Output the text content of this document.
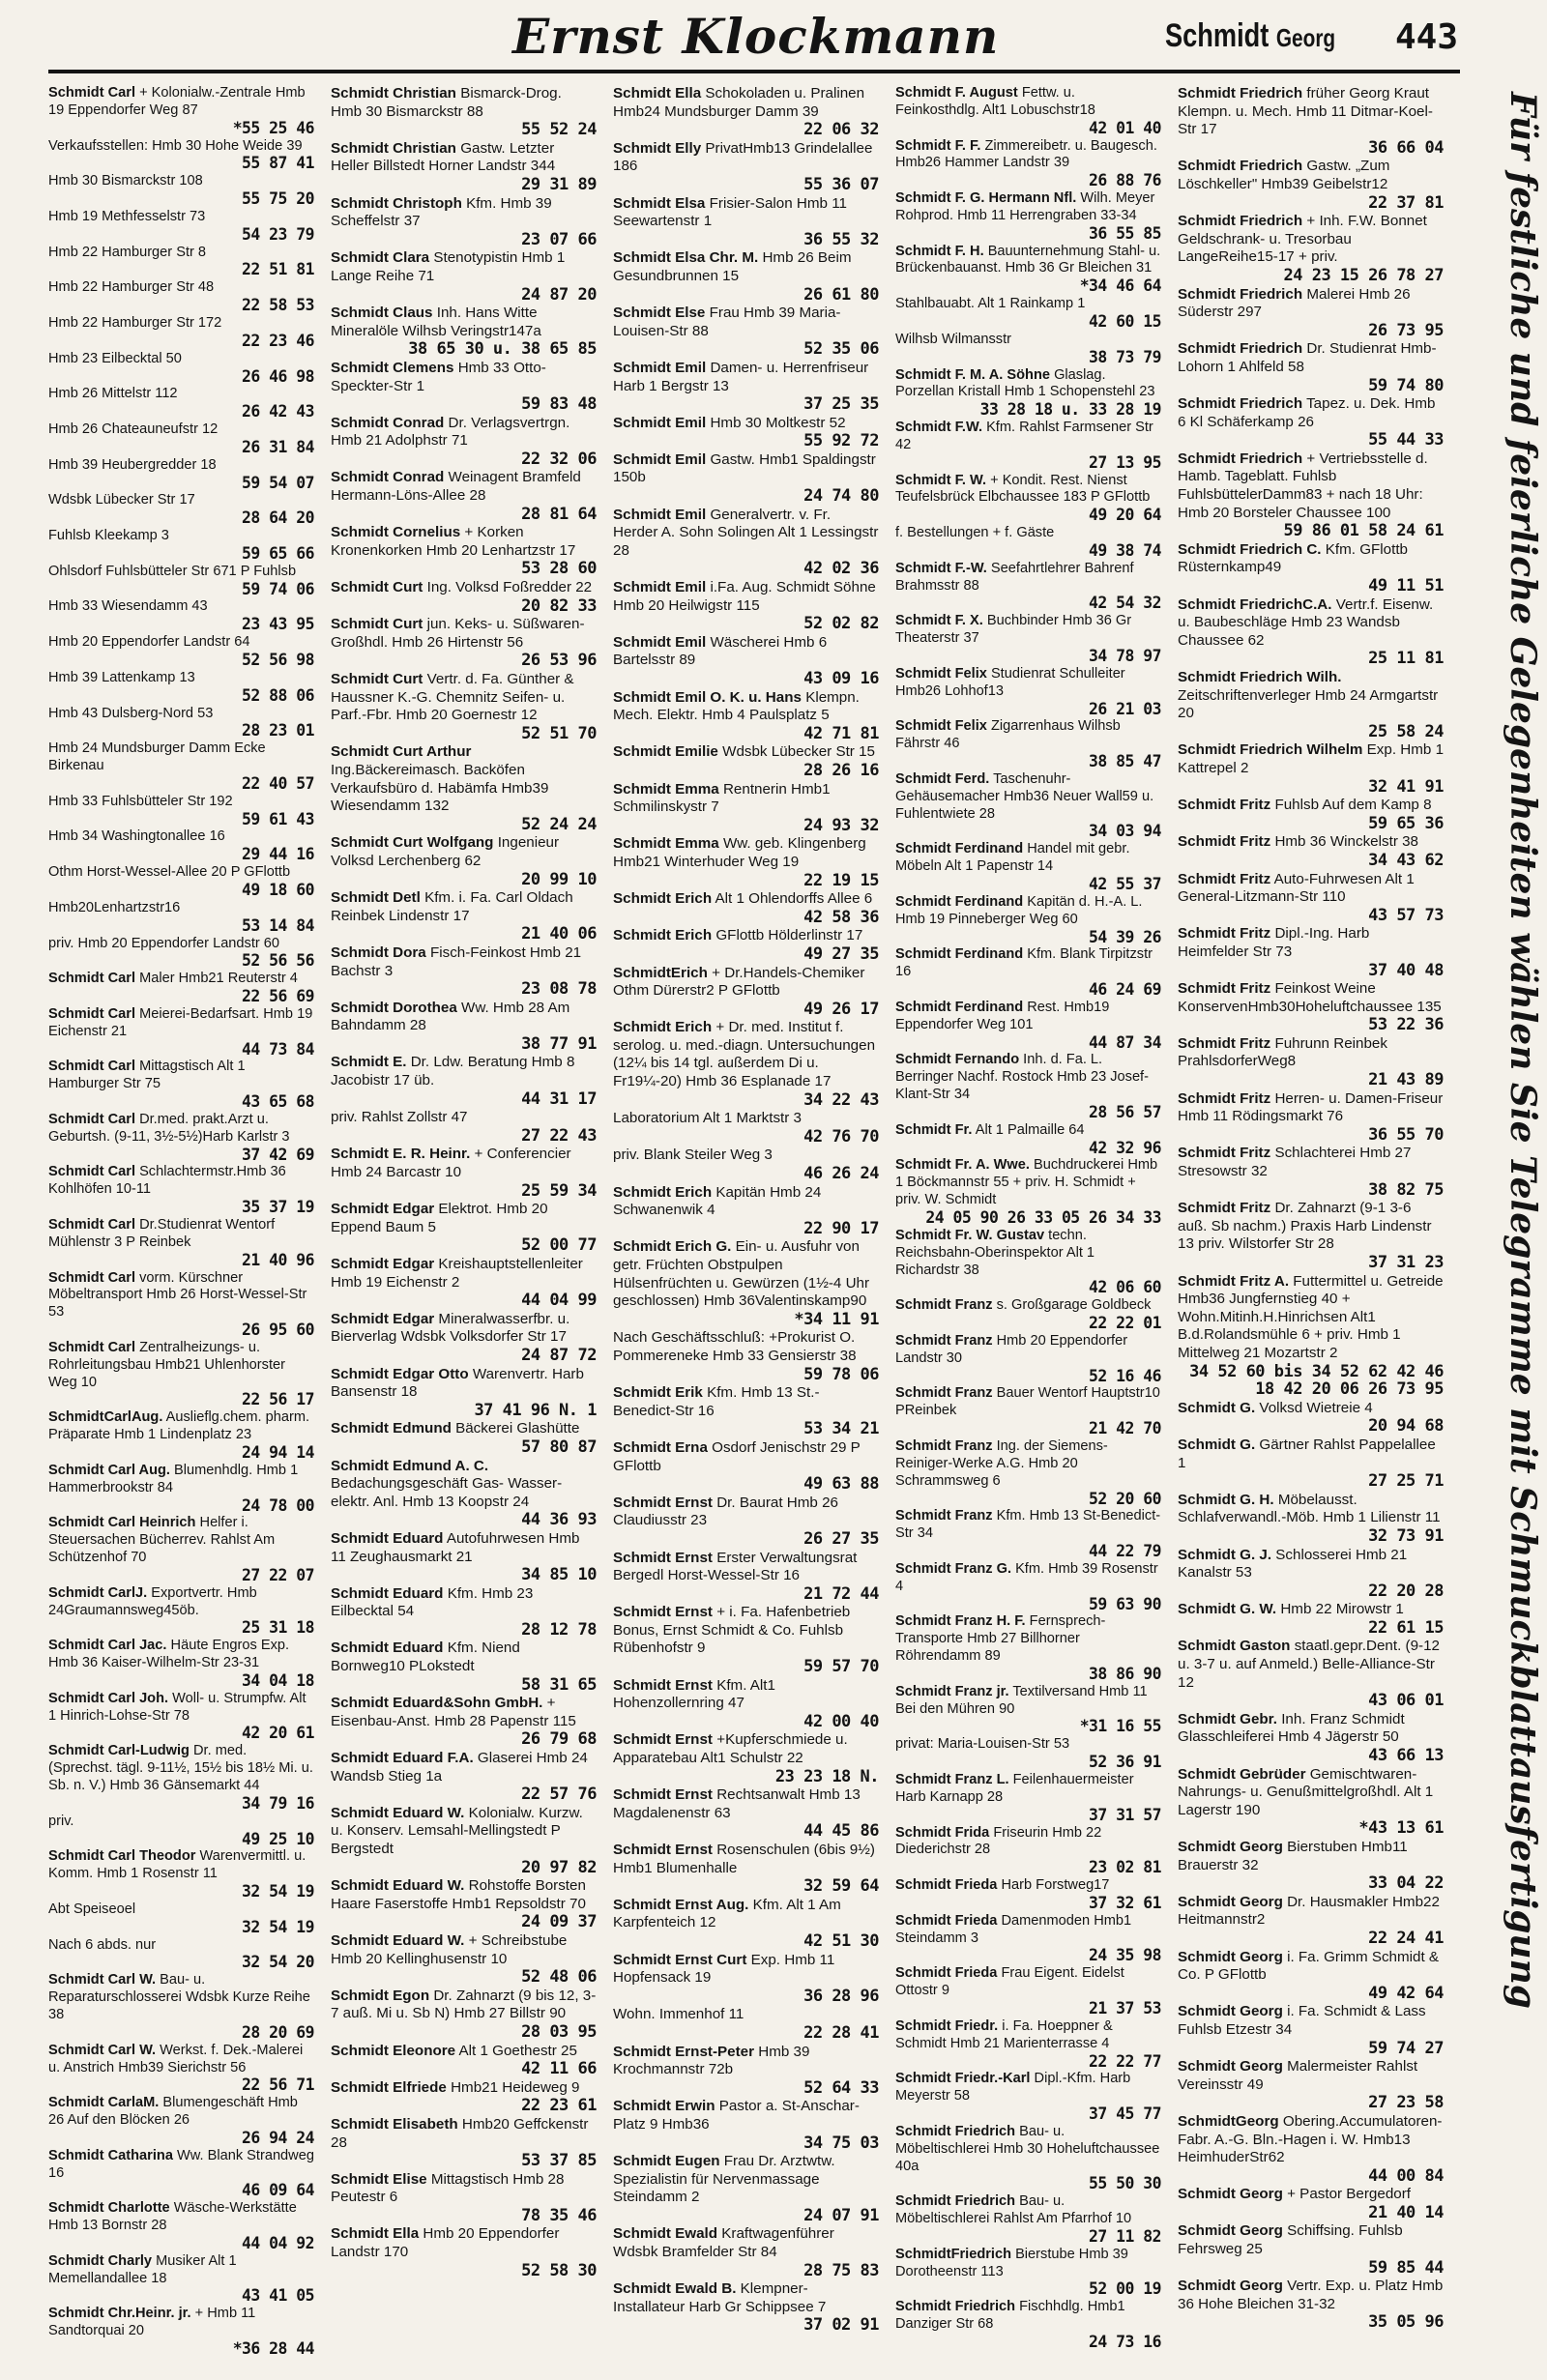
Ernst Klockmann	Schmidt Georg 443
Schmidt Carl + Kolonialw.-Zentrale Hmb 19 Eppendorfer Weg 87
*55 25 46
Verkaufsstellen: Hmb 30 Hohe Weide 39
55 87 41
Hmb 30 Bismarckstr 108
55 75 20
Hmb 19 Methfesselstr 73
54 23 79
Hmb 22 Hamburger Str 8
22 51 81
Hmb 22 Hamburger Str 48
22 58 53
Hmb 22 Hamburger Str 172
22 23 46
Hmb 23 Eilbecktal 50
26 46 98
Hmb 26 Mittelstr 112
26 42 43
Hmb 26 Chateauneufstr 12
26 31 84
Hmb 39 Heubergredder 18
59 54 07
Wdsbk Lübecker Str 17
28 64 20
Fuhlsb Kleekamp 3
59 65 66
Ohlsdorf Fuhlsbütteler Str 671 P Fuhlsb
59 74 06
Hmb 33 Wiesendamm 43
23 43 95
Hmb 20 Eppendorfer Landstr 64
52 56 98
Hmb 39 Lattenkamp 13
52 88 06
Hmb 43 Dulsberg-Nord 53
28 23 01
Hmb 24 Mundsburger Damm Ecke Birkenau
22 40 57
Hmb 33 Fuhlsbütteler Str 192
59 61 43
Hmb 34 Washingtonallee 16
29 44 16
Othm Horst-Wessel-Allee 20 P GFlottb
49 18 60
Hmb20Lenhartzstr16
53 14 84
priv. Hmb 20 Eppendorfer Landstr 60
52 56 56
Schmidt Carl Maler Hmb21 Reuterstr 4
22 56 69
Schmidt Carl Meierei-Bedarfsart. Hmb 19 Eichenstr 21
44 73 84
Schmidt Carl Mittagstisch Alt 1 Hamburger Str 75
43 65 68
Schmidt Carl Dr.med. prakt.Arzt u. Geburtsh. (9-11, 3½-5½)Harb Karlstr 3
37 42 69
Schmidt Carl Schlachtermstr.Hmb 36 Kohlhöfen 10-11
35 37 19
Schmidt Carl Dr.Studienrat Wentorf Mühlenstr 3 P Reinbek
21 40 96
Schmidt Carl vorm. Kürschner Möbeltransport Hmb 26 Horst-Wessel-Str 53
26 95 60
Schmidt Carl Zentralheizungs- u. Rohrleitungsbau Hmb21 Uhlenhorster Weg 10
22 56 17
SchmidtCarlAug. Auslieflg.chem. pharm. Präparate Hmb 1 Lindenplatz 23
24 94 14
Schmidt Carl Aug. Blumenhdlg. Hmb 1 Hammerbrookstr 84
24 78 00
Schmidt Carl Heinrich Helfer i. Steuersachen Bücherrev. Rahlst Am Schützenhof 70
27 22 07
Schmidt CarlJ. Exportvertr. Hmb 24Graumannsweg45öb.
25 31 18
Schmidt Carl Jac. Häute Engros Exp. Hmb 36 Kaiser-Wilhelm-Str 23-31
34 04 18
Schmidt Carl Joh. Woll- u. Strumpfw. Alt 1 Hinrich-Lohse-Str 78
42 20 61
Schmidt Carl-Ludwig Dr. med. (Sprechst. tägl. 9-11½, 15½ bis 18½ Mi. u. Sb. n. V.) Hmb 36 Gänsemarkt 44
34 79 16
priv.
49 25 10
Schmidt Carl Theodor Warenvermittl. u. Komm. Hmb 1 Rosenstr 11
32 54 19
Abt Speiseoel
32 54 19
Nach 6 abds. nur
32 54 20
Schmidt Carl W. Bau- u. Reparaturschlosserei Wdsbk Kurze Reihe 38
28 20 69
Schmidt Carl W. Werkst. f. Dek.-Malerei u. Anstrich Hmb39 Sierichstr 56
22 56 71
Schmidt CarlaM. Blumengeschäft Hmb 26 Auf den Blöcken 26
26 94 24
Schmidt Catharina Ww. Blank Strandweg 16
46 09 64
Schmidt Charlotte Wäsche-Werkstätte Hmb 13 Bornstr 28
44 04 92
Schmidt Charly Musiker Alt 1 Memellandallee 18
43 41 05
Schmidt Chr.Heinr. jr. + Hmb 11 Sandtorquai 20
*36 28 44
Schmidt Christian Bismarck-Drog. Hmb 30 Bismarckstr 88
55 52 24
Schmidt Christian Gastw. Letzter Heller Billstedt Horner Landstr 344
29 31 89
Schmidt Christoph Kfm. Hmb 39 Scheffelstr 37
23 07 66
Schmidt Clara Stenotypistin Hmb 1 Lange Reihe 71
24 87 20
Schmidt Claus Inh. Hans Witte Mineralöle Wilhsb Veringstr147a
38 65 30 u. 38 65 85
Schmidt Clemens Hmb 33 Otto-Speckter-Str 1
59 83 48
Schmidt Conrad Dr. Verlagsvertrgn. Hmb 21 Adolphstr 71
22 32 06
Schmidt Conrad Weinagent Bramfeld Hermann-Löns-Allee 28
28 81 64
Schmidt Cornelius + Korken Kronenkorken Hmb 20 Lenhartzstr 17
53 28 60
Schmidt Curt Ing. Volksd Foßredder 22
20 82 33
Schmidt Curt jun. Keks- u. Süßwaren-Großhdl. Hmb 26 Hirtenstr 56
26 53 96
Schmidt Curt Vertr. d. Fa. Günther & Haussner K.-G. Chemnitz Seifen- u. Parf.-Fbr. Hmb 20 Goernestr 12
52 51 70
Schmidt Curt Arthur Ing.Bäckereimasch. Backöfen Verkaufsbüro d. Habämfa Hmb39 Wiesendamm 132
52 24 24
Schmidt Curt Wolfgang Ingenieur Volksd Lerchenberg 62
20 99 10
Schmidt Detl Kfm. i. Fa. Carl Oldach Reinbek Lindenstr 17
21 40 06
Schmidt Dora Fisch-Feinkost Hmb 21 Bachstr 3
23 08 78
Schmidt Dorothea Ww. Hmb 28 Am Bahndamm 28
38 77 91
Schmidt E. Dr. Ldw. Beratung Hmb 8 Jacobistr 17 üb.
44 31 17
priv. Rahlst Zollstr 47
27 22 43
Schmidt E. R. Heinr. + Conferencier Hmb 24 Barcastr 10
25 59 34
Schmidt Edgar Elektrot. Hmb 20 Eppend Baum 5
52 00 77
Schmidt Edgar Kreishauptstellenleiter Hmb 19 Eichenstr 2
44 04 99
Schmidt Edgar Mineralwasserfbr. u. Bierverlag Wdsbk Volksdorfer Str 17
24 87 72
Schmidt Edgar Otto Warenvertr. Harb Bansenstr 18
37 41 96 N. 1
Schmidt Edmund Bäckerei Glashütte
57 80 87
Schmidt Edmund A. C. Bedachungsgeschäft Gas- Wasser- elektr. Anl. Hmb 13 Koopstr 24
44 36 93
Schmidt Eduard Autofuhrwesen Hmb 11 Zeughausmarkt 21
34 85 10
Schmidt Eduard Kfm. Hmb 23 Eilbecktal 54
28 12 78
Schmidt Eduard Kfm. Niend Bornweg10 PLokstedt
58 31 65
Schmidt Eduard&Sohn GmbH. + Eisenbau-Anst. Hmb 28 Papenstr 115
26 79 68
Schmidt Eduard F.A. Glaserei Hmb 24 Wandsb Stieg 1a
22 57 76
Schmidt Eduard W. Kolonialw. Kurzw. u. Konserv. Lemsahl-Mellingstedt P Bergstedt
20 97 82
Schmidt Eduard W. Rohstoffe Borsten Haare Faserstoffe Hmb1 Repsoldstr 70
24 09 37
Schmidt Eduard W. + Schreibstube Hmb 20 Kellinghusenstr 10
52 48 06
Schmidt Egon Dr. Zahnarzt (9 bis 12, 3-7 auß. Mi u. Sb N) Hmb 27 Billstr 90
28 03 95
Schmidt Eleonore Alt 1 Goethestr 25
42 11 66
Schmidt Elfriede Hmb21 Heideweg 9
22 23 61
Schmidt Elisabeth Hmb20 Geffckenstr 28
53 37 85
Schmidt Elise Mittagstisch Hmb 28 Peutestr 6
78 35 46
Schmidt Ella Hmb 20 Eppendorfer Landstr 170
52 58 30
Schmidt Ella Schokoladen u. Pralinen Hmb24 Mundsburger Damm 39
22 06 32
Schmidt Elly PrivatHmb13 Grindelallee 186
55 36 07
Schmidt Elsa Frisier-Salon Hmb 11 Seewartenstr 1
36 55 32
Schmidt Elsa Chr. M. Hmb 26 Beim Gesundbrunnen 15
26 61 80
Schmidt Else Frau Hmb 39 Maria-Louisen-Str 88
52 35 06
Schmidt Emil Damen- u. Herrenfriseur Harb 1 Bergstr 13
37 25 35
Schmidt Emil Hmb 30 Moltkestr 52
55 92 72
Schmidt Emil Gastw. Hmb1 Spaldingstr 150b
24 74 80
Schmidt Emil Generalvertr. v. Fr. Herder A. Sohn Solingen Alt 1 Lessingstr 28
42 02 36
Schmidt Emil i.Fa. Aug. Schmidt Söhne Hmb 20 Heilwigstr 115
52 02 82
Schmidt Emil Wäscherei Hmb 6 Bartelsstr 89
43 09 16
Schmidt Emil O. K. u. Hans Klempn. Mech. Elektr. Hmb 4 Paulsplatz 5
42 71 81
Schmidt Emilie Wdsbk Lübecker Str 15
28 26 16
Schmidt Emma Rentnerin Hmb1 Schmilinskystr 7
24 93 32
Schmidt Emma Ww. geb. Klingenberg Hmb21 Winterhuder Weg 19
22 19 15
Schmidt Erich Alt 1 Ohlendorffs Allee 6
42 58 36
Schmidt Erich GFlottb Hölderlinstr 17
49 27 35
SchmidtErich + Dr.Handels-Chemiker Othm Dürerstr2 P GFlottb
49 26 17
Schmidt Erich + Dr. med. Institut f. serolog. u. med.-diagn. Untersuchungen (12¼ bis 14 tgl. außerdem Di u. Fr19¼-20) Hmb 36 Esplanade 17
34 22 43
Laboratorium Alt 1 Marktstr 3
42 76 70
priv. Blank Steiler Weg 3
46 26 24
Schmidt Erich Kapitän Hmb 24 Schwanenwik 4
22 90 17
Schmidt Erich G. Ein- u. Ausfuhr von getr. Früchten Obstpulpen Hülsenfrüchten u. Gewürzen (1½-4 Uhr geschlossen) Hmb 36Valentinskamp90
*34 11 91
Nach Geschäftsschluß: +Prokurist O. Pommereneke Hmb 33 Gensierstr 38
59 78 06
Schmidt Erik Kfm. Hmb 13 St.-Benedict-Str 16
53 34 21
Schmidt Erna Osdorf Jenischstr 29 P GFlottb
49 63 88
Schmidt Ernst Dr. Baurat Hmb 26 Claudiusstr 23
26 27 35
Schmidt Ernst Erster Verwaltungsrat Bergedl Horst-Wessel-Str 16
21 72 44
Schmidt Ernst + i. Fa. Hafenbetrieb Bonus, Ernst Schmidt & Co. Fuhlsb Rübenhofstr 9
59 57 70
Schmidt Ernst Kfm. Alt1 Hohenzollernring 47
42 00 40
Schmidt Ernst +Kupferschmiede u. Apparatebau Alt1 Schulstr 22
23 23 18 N.
Schmidt Ernst Rechtsanwalt Hmb 13 Magdalenenstr 63
44 45 86
Schmidt Ernst Rosenschulen (6bis 9½) Hmb1 Blumenhalle
32 59 64
Schmidt Ernst Aug. Kfm. Alt 1 Am Karpfenteich 12
42 51 30
Schmidt Ernst Curt Exp. Hmb 11 Hopfensack 19
36 28 96
Wohn. Immenhof 11
22 28 41
Schmidt Ernst-Peter Hmb 39 Krochmannstr 72b
52 64 33
Schmidt Erwin Pastor a. St-Anschar-Platz 9 Hmb36
34 75 03
Schmidt Eugen Frau Dr. Arztwtw. Spezialistin für Nervenmassage Steindamm 2
24 07 91
Schmidt Ewald Kraftwagenführer Wdsbk Bramfelder Str 84
28 75 83
Schmidt Ewald B. Klempner-Installateur Harb Gr Schippsee 7
37 02 91
Schmidt F. August Fettw. u. Feinkosthdlg. Alt1 Lobuschstr18
42 01 40
Schmidt F. F. Zimmereibetr. u. Baugesch. Hmb26 Hammer Landstr 39
26 88 76
Schmidt F. G. Hermann Nfl. Wilh. Meyer Rohprod. Hmb 11 Herrengraben 33-34
36 55 85
Schmidt F. H. Bauunternehmung Stahl- u. Brückenbauanst. Hmb 36 Gr Bleichen 31
*34 46 64
Stahlbauabt. Alt 1 Rainkamp 1
42 60 15
Wilhsb Wilmansstr
38 73 79
Schmidt F. M. A. Söhne Glaslag. Porzellan Kristall Hmb 1 Schopenstehl 23
33 28 18 u. 33 28 19
Schmidt F.W. Kfm. Rahlst Farmsener Str 42
27 13 95
Schmidt F. W. + Kondit. Rest. Nienst Teufelsbrück Elbchaussee 183 P GFlottb
49 20 64
f. Bestellungen + f. Gäste
49 38 74
Schmidt F.-W. Seefahrtlehrer Bahrenf Brahmsstr 88
42 54 32
Schmidt F. X. Buchbinder Hmb 36 Gr Theaterstr 37
34 78 97
Schmidt Felix Studienrat Schulleiter Hmb26 Lohhof13
26 21 03
Schmidt Felix Zigarrenhaus Wilhsb Fährstr 46
38 85 47
Schmidt Ferd. Taschenuhr-Gehäusemacher Hmb36 Neuer Wall59 u. Fuhlentwiete 28
34 03 94
Schmidt Ferdinand Handel mit gebr. Möbeln Alt 1 Papenstr 14
42 55 37
Schmidt Ferdinand Kapitän d. H.-A. L. Hmb 19 Pinneberger Weg 60
54 39 26
Schmidt Ferdinand Kfm. Blank Tirpitzstr 16
46 24 69
Schmidt Ferdinand Rest. Hmb19 Eppendorfer Weg 101
44 87 34
Schmidt Fernando Inh. d. Fa. L. Berringer Nachf. Rostock Hmb 23 Josef-Klant-Str 34
28 56 57
Schmidt Fr. Alt 1 Palmaille 64
42 32 96
Schmidt Fr. A. Wwe. Buchdruckerei Hmb 1 Böckmannstr 55 + priv. H. Schmidt + priv. W. Schmidt
24 05 90 26 33 05 26 34 33
Schmidt Fr. W. Gustav techn. Reichsbahn-Oberinspektor Alt 1 Richardstr 38
42 06 60
Schmidt Franz s. Großgarage Goldbeck
22 22 01
Schmidt Franz Hmb 20 Eppendorfer Landstr 30
52 16 46
Schmidt Franz Bauer Wentorf Hauptstr10 PReinbek
21 42 70
Schmidt Franz Ing. der Siemens-Reiniger-Werke A.G. Hmb 20 Schrammsweg 6
52 20 60
Schmidt Franz Kfm. Hmb 13 St-Benedict-Str 34
44 22 79
Schmidt Franz G. Kfm. Hmb 39 Rosenstr 4
59 63 90
Schmidt Franz H. F. Fernsprech-Transporte Hmb 27 Billhorner Röhrendamm 89
38 86 90
Schmidt Franz jr. Textilversand Hmb 11 Bei den Mühren 90
*31 16 55
privat: Maria-Louisen-Str 53
52 36 91
Schmidt Franz L. Feilenhauermeister Harb Karnapp 28
37 31 57
Schmidt Frida Friseurin Hmb 22 Diederichstr 28
23 02 81
Schmidt Frieda Harb Forstweg17
37 32 61
Schmidt Frieda Damenmoden Hmb1 Steindamm 3
24 35 98
Schmidt Frieda Frau Eigent. Eidelst Ottostr 9
21 37 53
Schmidt Friedr. i. Fa. Hoeppner & Schmidt Hmb 21 Marienterrasse 4
22 22 77
Schmidt Friedr.-Karl Dipl.-Kfm. Harb Meyerstr 58
37 45 77
Schmidt Friedrich Bau- u. Möbeltischlerei Hmb 30 Hoheluftchaussee 40a
55 50 30
Schmidt Friedrich Bau- u. Möbeltischlerei Rahlst Am Pfarrhof 10
27 11 82
SchmidtFriedrich Bierstube Hmb 39 Dorotheenstr 113
52 00 19
Schmidt Friedrich Fischhdlg. Hmb1 Danziger Str 68
24 73 16
Schmidt Friedrich früher Georg Kraut Klempn. u. Mech. Hmb 11 Ditmar-Koel-Str 17
36 66 04
Schmidt Friedrich Gastw. „Zum Löschkeller" Hmb39 Geibelstr12
22 37 81
Schmidt Friedrich + Inh. F.W. Bonnet Geldschrank- u. Tresorbau LangeReihe15-17 + priv.
24 23 15 26 78 27
Schmidt Friedrich Malerei Hmb 26 Süderstr 297
26 73 95
Schmidt Friedrich Dr. Studienrat Hmb-Lohorn 1 Ahlfeld 58
59 74 80
Schmidt Friedrich Tapez. u. Dek. Hmb 6 Kl Schäferkamp 26
55 44 33
Schmidt Friedrich + Vertriebsstelle d. Hamb. Tageblatt. Fuhlsb FuhlsbüttelerDamm83 + nach 18 Uhr: Hmb 20 Borsteler Chaussee 100
59 86 01 58 24 61
Schmidt Friedrich C. Kfm. GFlottb Rüsternkamp49
49 11 51
Schmidt FriedrichC.A. Vertr.f. Eisenw. u. Baubeschläge Hmb 23 Wandsb Chaussee 62
25 11 81
Schmidt Friedrich Wilh. Zeitschriftenverleger Hmb 24 Armgartstr 20
25 58 24
Schmidt Friedrich Wilhelm Exp. Hmb 1 Kattrepel 2
32 41 91
Schmidt Fritz Fuhlsb Auf dem Kamp 8
59 65 36
Schmidt Fritz Hmb 36 Winckelstr 38
34 43 62
Schmidt Fritz Auto-Fuhrwesen Alt 1 General-Litzmann-Str 110
43 57 73
Schmidt Fritz Dipl.-Ing. Harb Heimfelder Str 73
37 40 48
Schmidt Fritz Feinkost Weine KonservenHmb30Hoheluftchaussee 135
53 22 36
Schmidt Fritz Fuhrunn Reinbek PrahlsdorferWeg8
21 43 89
Schmidt Fritz Herren- u. Damen-Friseur Hmb 11 Rödingsmarkt 76
36 55 70
Schmidt Fritz Schlachterei Hmb 27 Stresowstr 32
38 82 75
Schmidt Fritz Dr. Zahnarzt (9-1 3-6 auß. Sb nachm.) Praxis Harb Lindenstr 13 priv. Wilstorfer Str 28
37 31 23
Schmidt Fritz A. Futtermittel u. Getreide Hmb36 Jungfernstieg 40 + Wohn.Mitinh.H.Hinrichsen Alt1 B.d.Rolandsmühle 6 + priv. Hmb 1 Mittelweg 21 Mozartstr 2
34 52 60 bis 34 52 62 42 46 18 42 20 06 26 73 95
Schmidt G. Volksd Wietreie 4
20 94 68
Schmidt G. Gärtner Rahlst Pappelallee 1
27 25 71
Schmidt G. H. Möbelausst. Schlafverwandl.-Möb. Hmb 1 Lilienstr 11
32 73 91
Schmidt G. J. Schlosserei Hmb 21 Kanalstr 53
22 20 28
Schmidt G. W. Hmb 22 Mirowstr 1
22 61 15
Schmidt Gaston staatl.gepr.Dent. (9-12 u. 3-7 u. auf Anmeld.) Belle-Alliance-Str 12
43 06 01
Schmidt Gebr. Inh. Franz Schmidt Glasschleiferei Hmb 4 Jägerstr 50
43 66 13
Schmidt Gebrüder Gemischtwaren-Nahrungs- u. Genußmittelgroßhdl. Alt 1 Lagerstr 190
*43 13 61
Schmidt Georg Bierstuben Hmb11 Brauerstr 32
33 04 22
Schmidt Georg Dr. Hausmakler Hmb22 Heitmannstr2
22 24 41
Schmidt Georg i. Fa. Grimm Schmidt & Co. P GFlottb
49 42 64
Schmidt Georg i. Fa. Schmidt & Lass Fuhlsb Etzestr 34
59 74 27
Schmidt Georg Malermeister Rahlst Vereinsstr 49
27 23 58
SchmidtGeorg Obering.Accumulatoren-Fabr. A.-G. Bln.-Hagen i. W. Hmb13 HeimhuderStr62
44 00 84
Schmidt Georg + Pastor Bergedorf
21 40 14
Schmidt Georg Schiffsing. Fuhlsb Fehrsweg 25
59 85 44
Schmidt Georg Vertr. Exp. u. Platz Hmb 36 Hohe Bleichen 31-32
35 05 96
Für festliche und feierliche Gelegenheiten wählen Sie Telegramme mit Schmuckblattausfertigung
